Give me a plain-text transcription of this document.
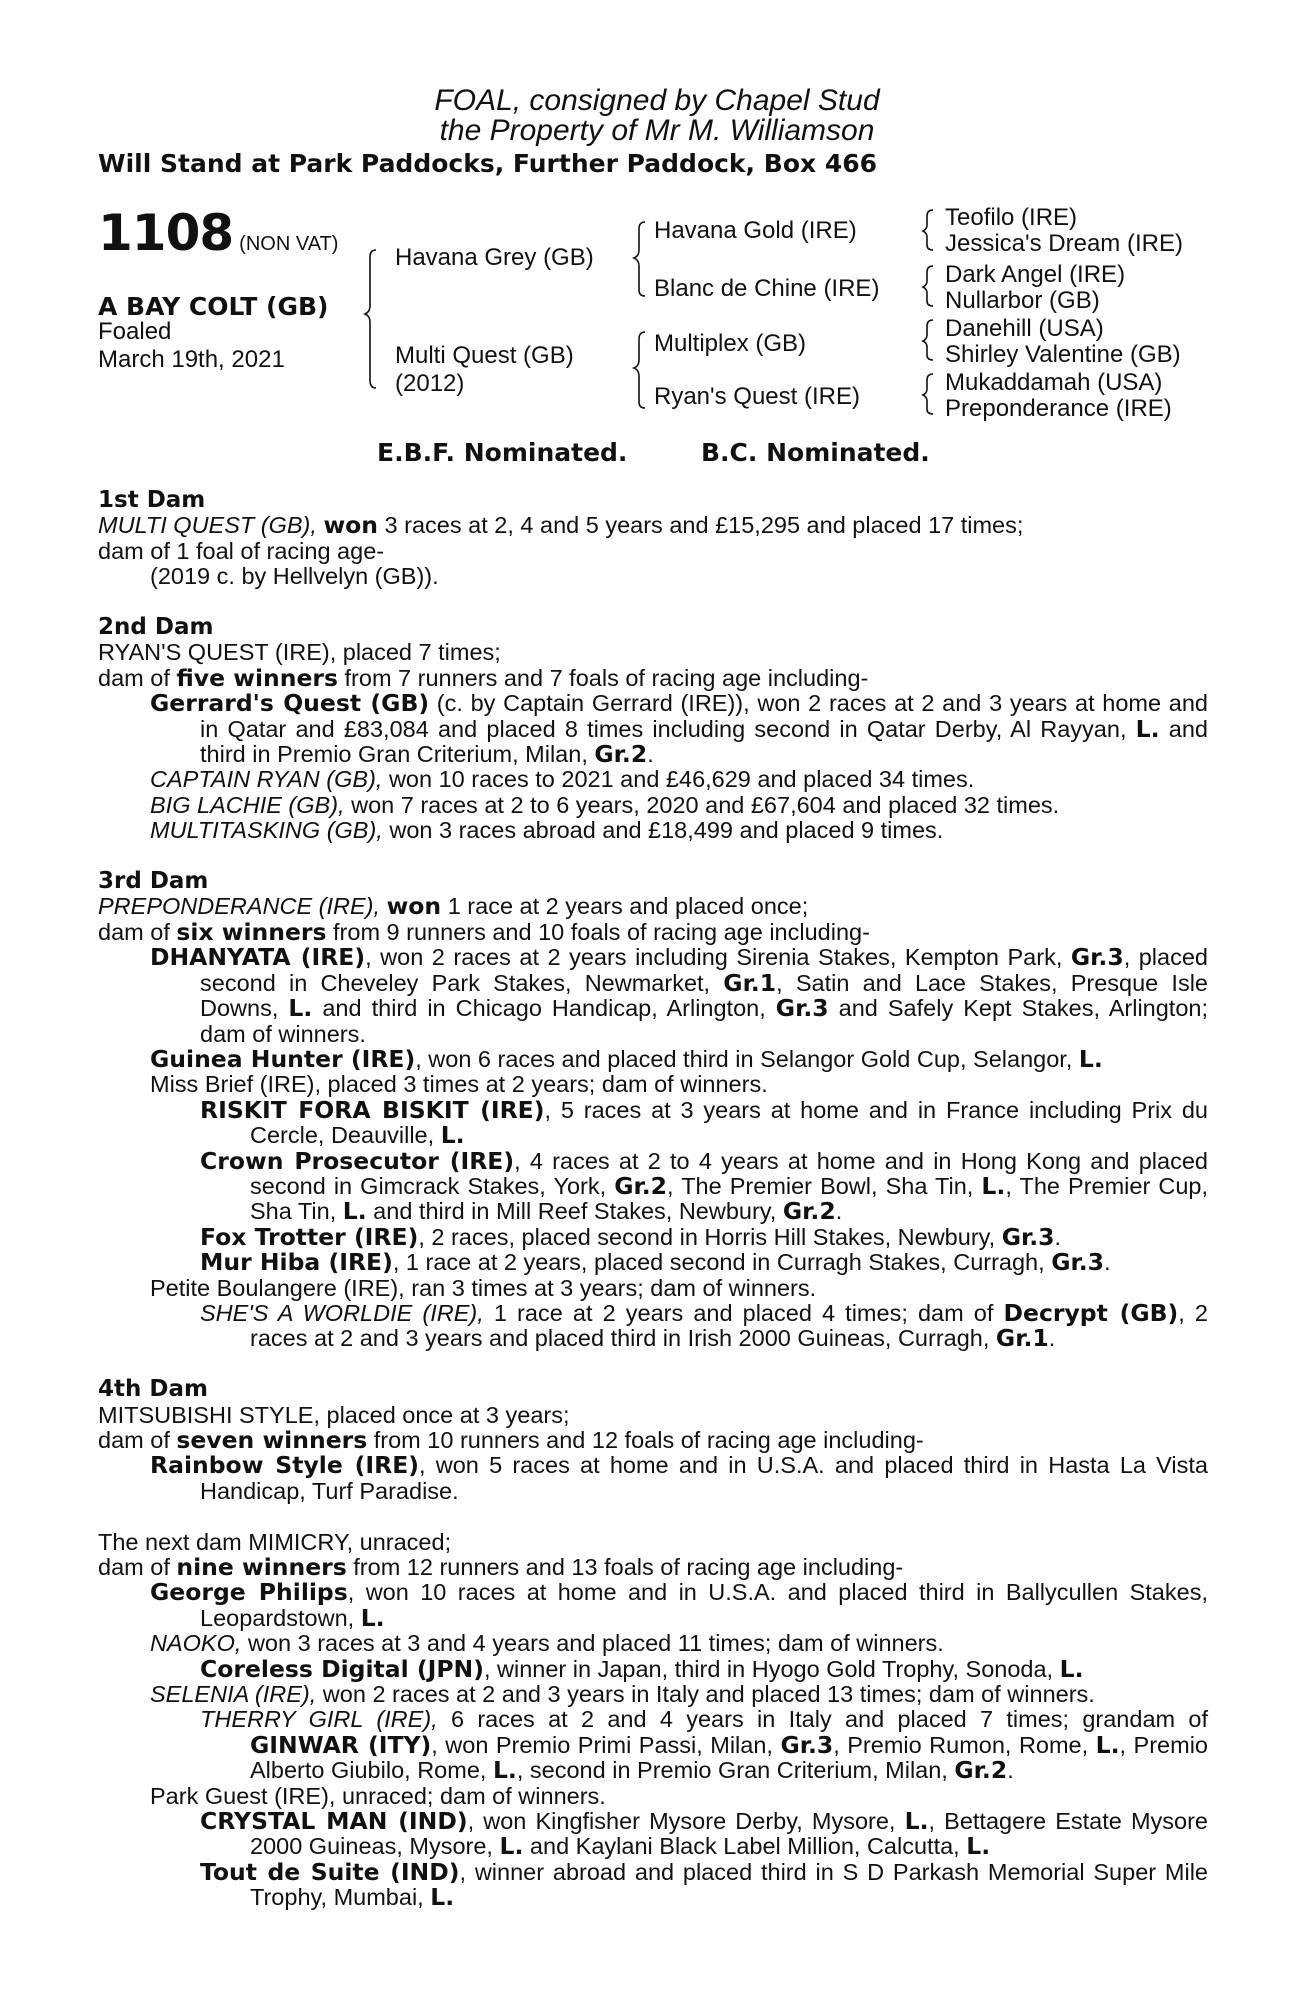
FOAL, consigned by Chapel Stud
the Property of Mr M. Williamson
Will Stand at Park Paddocks, Further Paddock, Box 466
1108 (NON VAT)
A BAY COLT (GB)
Foaled
March 19th, 2021
Havana Grey (GB)
Multi Quest (GB)
(2012)
Havana Gold (IRE)
Blanc de Chine (IRE)
Multiplex (GB)
Ryan's Quest (IRE)
Teofilo (IRE)
Jessica's Dream (IRE)
Dark Angel (IRE)
Nullarbor (GB)
Danehill (USA)
Shirley Valentine (GB)
Mukaddamah (USA)
Preponderance (IRE)
E.B.F. Nominated.	B.C. Nominated.
1st Dam
MULTI QUEST (GB), won 3 races at 2, 4 and 5 years and £15,295 and placed 17 times;
dam of 1 foal of racing age-
(2019 c. by Hellvelyn (GB)).
2nd Dam
RYAN'S QUEST (IRE), placed 7 times;
dam of five winners from 7 runners and 7 foals of racing age including-
Gerrard's Quest (GB) (c. by Captain Gerrard (IRE)), won 2 races at 2 and 3 years at home and in Qatar and £83,084 and placed 8 times including second in Qatar Derby, Al Rayyan, L. and third in Premio Gran Criterium, Milan, Gr.2.
CAPTAIN RYAN (GB), won 10 races to 2021 and £46,629 and placed 34 times.
BIG LACHIE (GB), won 7 races at 2 to 6 years, 2020 and £67,604 and placed 32 times.
MULTITASKING (GB), won 3 races abroad and £18,499 and placed 9 times.
3rd Dam
PREPONDERANCE (IRE), won 1 race at 2 years and placed once;
dam of six winners from 9 runners and 10 foals of racing age including-
DHANYATA (IRE), won 2 races at 2 years including Sirenia Stakes, Kempton Park, Gr.3, placed second in Cheveley Park Stakes, Newmarket, Gr.1, Satin and Lace Stakes, Presque Isle Downs, L. and third in Chicago Handicap, Arlington, Gr.3 and Safely Kept Stakes, Arlington; dam of winners.
Guinea Hunter (IRE), won 6 races and placed third in Selangor Gold Cup, Selangor, L.
Miss Brief (IRE), placed 3 times at 2 years; dam of winners.
RISKIT FORA BISKIT (IRE), 5 races at 3 years at home and in France including Prix du Cercle, Deauville, L.
Crown Prosecutor (IRE), 4 races at 2 to 4 years at home and in Hong Kong and placed second in Gimcrack Stakes, York, Gr.2, The Premier Bowl, Sha Tin, L., The Premier Cup, Sha Tin, L. and third in Mill Reef Stakes, Newbury, Gr.2.
Fox Trotter (IRE), 2 races, placed second in Horris Hill Stakes, Newbury, Gr.3.
Mur Hiba (IRE), 1 race at 2 years, placed second in Curragh Stakes, Curragh, Gr.3.
Petite Boulangere (IRE), ran 3 times at 3 years; dam of winners.
SHE'S A WORLDIE (IRE), 1 race at 2 years and placed 4 times; dam of Decrypt (GB), 2 races at 2 and 3 years and placed third in Irish 2000 Guineas, Curragh, Gr.1.
4th Dam
MITSUBISHI STYLE, placed once at 3 years;
dam of seven winners from 10 runners and 12 foals of racing age including-
Rainbow Style (IRE), won 5 races at home and in U.S.A. and placed third in Hasta La Vista Handicap, Turf Paradise.
The next dam MIMICRY, unraced;
dam of nine winners from 12 runners and 13 foals of racing age including-
George Philips, won 10 races at home and in U.S.A. and placed third in Ballycullen Stakes, Leopardstown, L.
NAOKO, won 3 races at 3 and 4 years and placed 11 times; dam of winners.
Coreless Digital (JPN), winner in Japan, third in Hyogo Gold Trophy, Sonoda, L.
SELENIA (IRE), won 2 races at 2 and 3 years in Italy and placed 13 times; dam of winners.
THERRY GIRL (IRE), 6 races at 2 and 4 years in Italy and placed 7 times; grandam of GINWAR (ITY), won Premio Primi Passi, Milan, Gr.3, Premio Rumon, Rome, L., Premio Alberto Giubilo, Rome, L., second in Premio Gran Criterium, Milan, Gr.2.
Park Guest (IRE), unraced; dam of winners.
CRYSTAL MAN (IND), won Kingfisher Mysore Derby, Mysore, L., Bettagere Estate Mysore 2000 Guineas, Mysore, L. and Kaylani Black Label Million, Calcutta, L.
Tout de Suite (IND), winner abroad and placed third in S D Parkash Memorial Super Mile Trophy, Mumbai, L.
